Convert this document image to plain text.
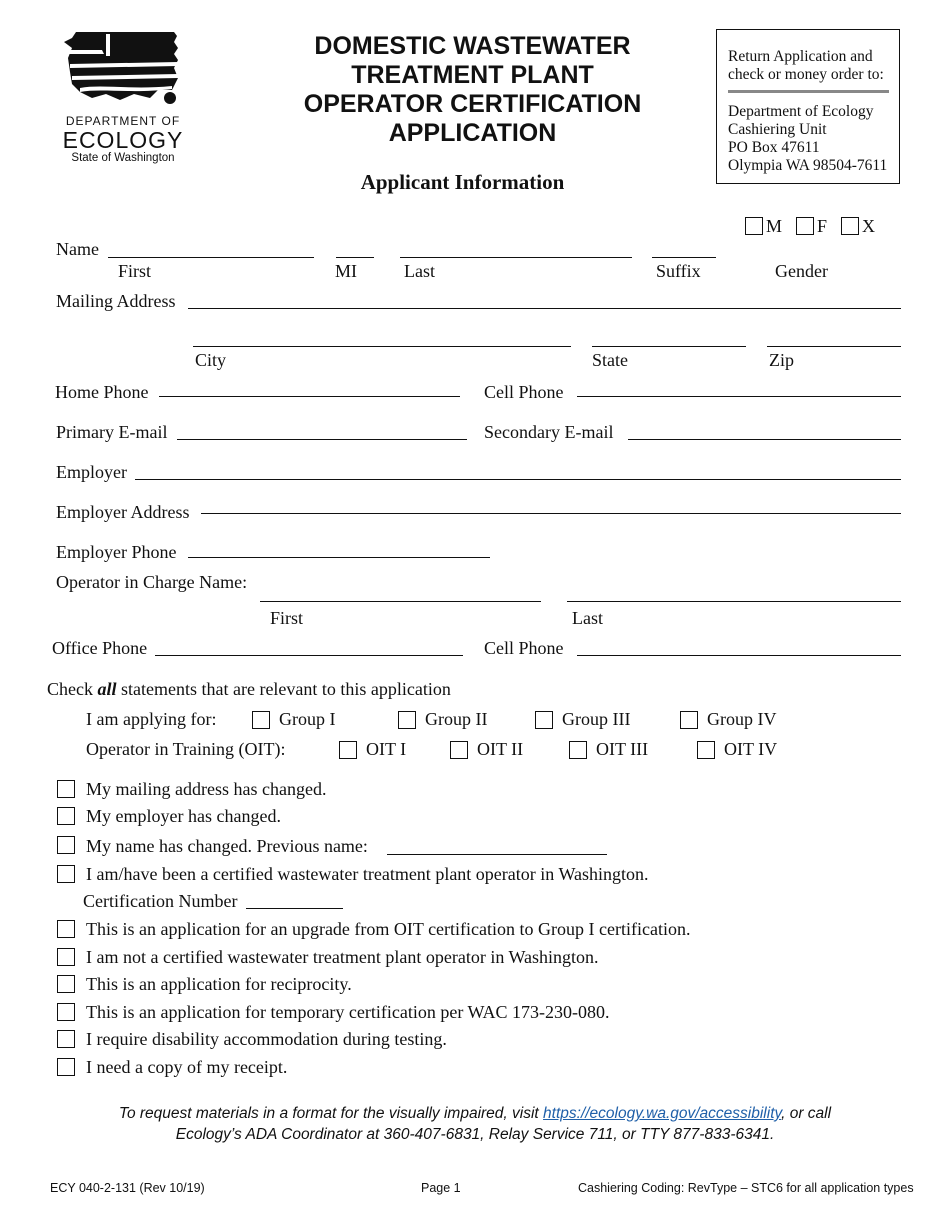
DEPARTMENT OF
ECOLOGY
State of Washington
DOMESTIC WASTEWATER
TREATMENT PLANT
OPERATOR CERTIFICATION
APPLICATION
Applicant Information
Return Application and
check or money order to:
Department of Ecology
Cashiering Unit
PO Box 47611
Olympia WA 98504-7611
M F X
Name
First	MI	Last	Suffix	Gender
Mailing Address
City	State	Zip
Home Phone	Cell Phone
Primary E-mail	Secondary E-mail
Employer
Employer Address
Employer Phone
Operator in Charge Name:
First	Last
Office Phone	Cell Phone
Check all statements that are relevant to this application
I am applying for:	Group I	Group II	Group III	Group IV
Operator in Training (OIT):	OIT I	OIT II	OIT III	OIT IV
My mailing address has changed.
My employer has changed.
My name has changed. Previous name:
I am/have been a certified wastewater treatment plant operator in Washington.
Certification Number
This is an application for an upgrade from OIT certification to Group I certification.
I am not a certified wastewater treatment plant operator in Washington.
This is an application for reciprocity.
This is an application for temporary certification per WAC 173-230-080.
I require disability accommodation during testing.
I need a copy of my receipt.
To request materials in a format for the visually impaired, visit https://ecology.wa.gov/accessibility, or call
Ecology’s ADA Coordinator at 360-407-6831, Relay Service 711, or TTY 877-833-6341.
ECY 040-2-131 (Rev 10/19)	Page 1	Cashiering Coding: RevType – STC6 for all application types
